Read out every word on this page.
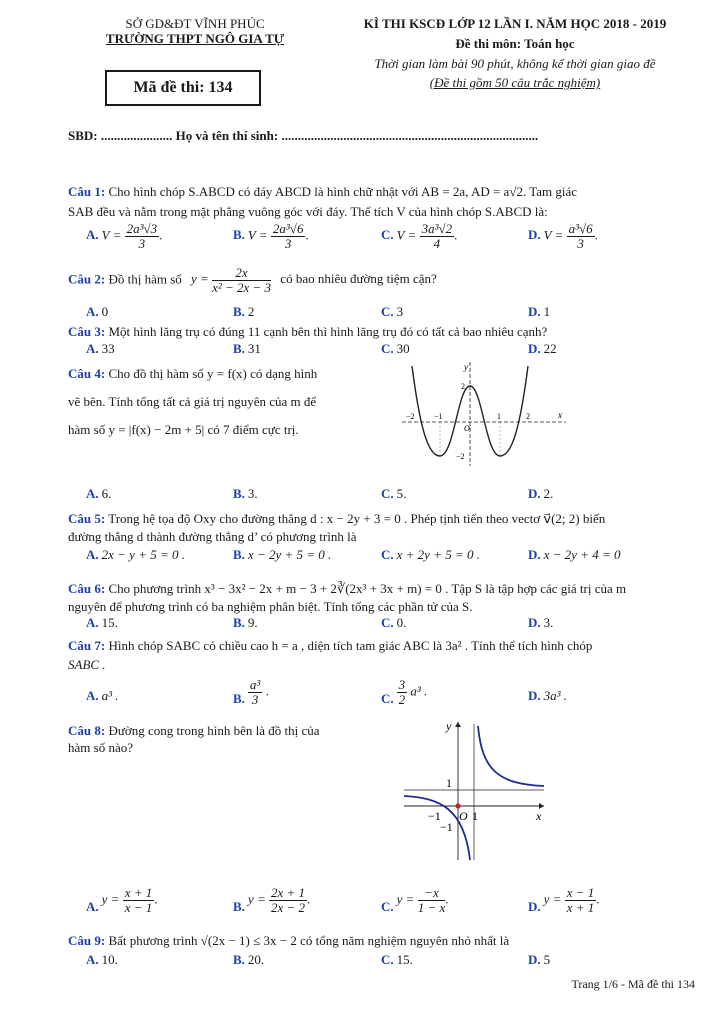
SỞ GD&ĐT VĨNH PHÚC
TRƯỜNG THPT NGÔ GIA TỰ
Mã đề thi: 134
KÌ THI KSCĐ LỚP 12 LẦN I. NĂM HỌC 2018 - 2019
Đề thi môn: Toán học
Thời gian làm bài 90 phút, không kể thời gian giao đề
(Đề thi gồm 50 câu trắc nghiệm)
SBD: ...................... Họ và tên thí sinh: ...............................................................................
Câu 1: Cho hình chóp S.ABCD có đáy ABCD là hình chữ nhật với AB = 2a, AD = a√2. Tam giác
SAB đều và nằm trong mặt phẳng vuông góc với đáy. Thể tích V của hình chóp S.ABCD là:
A. $V = \frac{\text{2a³√3}}{3}$ .	B. $V = \frac{\text{2a³√6}}{3}$ .	C. $V = \frac{\text{3a³√2}}{4}$ .	D. $V = \frac{\text{a³√6}}{3}$ .
Câu 2: Đồ thị hàm số $y = \frac{2x}{\text{x² − 2x − 3}}$ có bao nhiêu đường tiệm cận?
A. 0	B. 2	C. 3	D. 1
Câu 3: Một hình lăng trụ có đúng 11 cạnh bên thì hình lăng trụ đó có tất cả bao nhiêu cạnh?
A. 33	B. 31	C. 30	D. 22
Câu 4: Cho đồ thị hàm số y = f(x) có dạng hình
vẽ bên. Tính tổng tất cả giá trị nguyên của m để
hàm số y = |f(x) − 2m + 5| có 7 điểm cực trị.
y
x
−2 −1	1	2
2
−2
O
A. 6.	B. 3.	C. 5.	D. 2.
Câu 5: Trong hệ tọa độ Oxy cho đường thẳng d : x − 2y + 3 = 0 . Phép tịnh tiến theo vectơ v⃗(2; 2) biến
đường thẳng d thành đường thẳng d’ có phương trình là
A. 2x − y + 5 = 0 .	B. x − 2y + 5 = 0 .	C. x + 2y + 5 = 0 .	D. x − 2y + 4 = 0
Câu 6: Cho phương trình x³ − 3x² − 2x + m − 3 + 2∛(2x³ + 3x + m) = 0 . Tập S là tập hợp các giá trị của m
nguyên để phương trình có ba nghiệm phân biệt. Tính tổng các phần tử của S.
A. 15.	B. 9.	C. 0.	D. 3.
Câu 7: Hình chóp SABC có chiều cao h = a , diện tích tam giác ABC là 3a² . Tính thể tích hình chóp
SABC .
A. a³ .	B. $\frac{\text{a³}}{3}$ .
C. $\frac{3}{2} a^3$ .	D. 3a³ .
Câu 8: Đường cong trong hình bên là đồ thị của
hàm số nào?
y
x
1
−1 O 1
−1
$A.y = \frac{x + 1}{x - 1}$ .
$B.y = \frac{2x + 1}{2x - 2}$ .
$C.y = \frac{-x}{1 - x}$ .
$D.y = \frac{x - 1}{x + 1}$ .
Câu 9: Bất phương trình √(2x − 1) ≤ 3x − 2 có tổng năm nghiệm nguyên nhỏ nhất là
A. 10.	B. 20.	C. 15.	D. 5
Trang 1/6 - Mã đề thi 134
